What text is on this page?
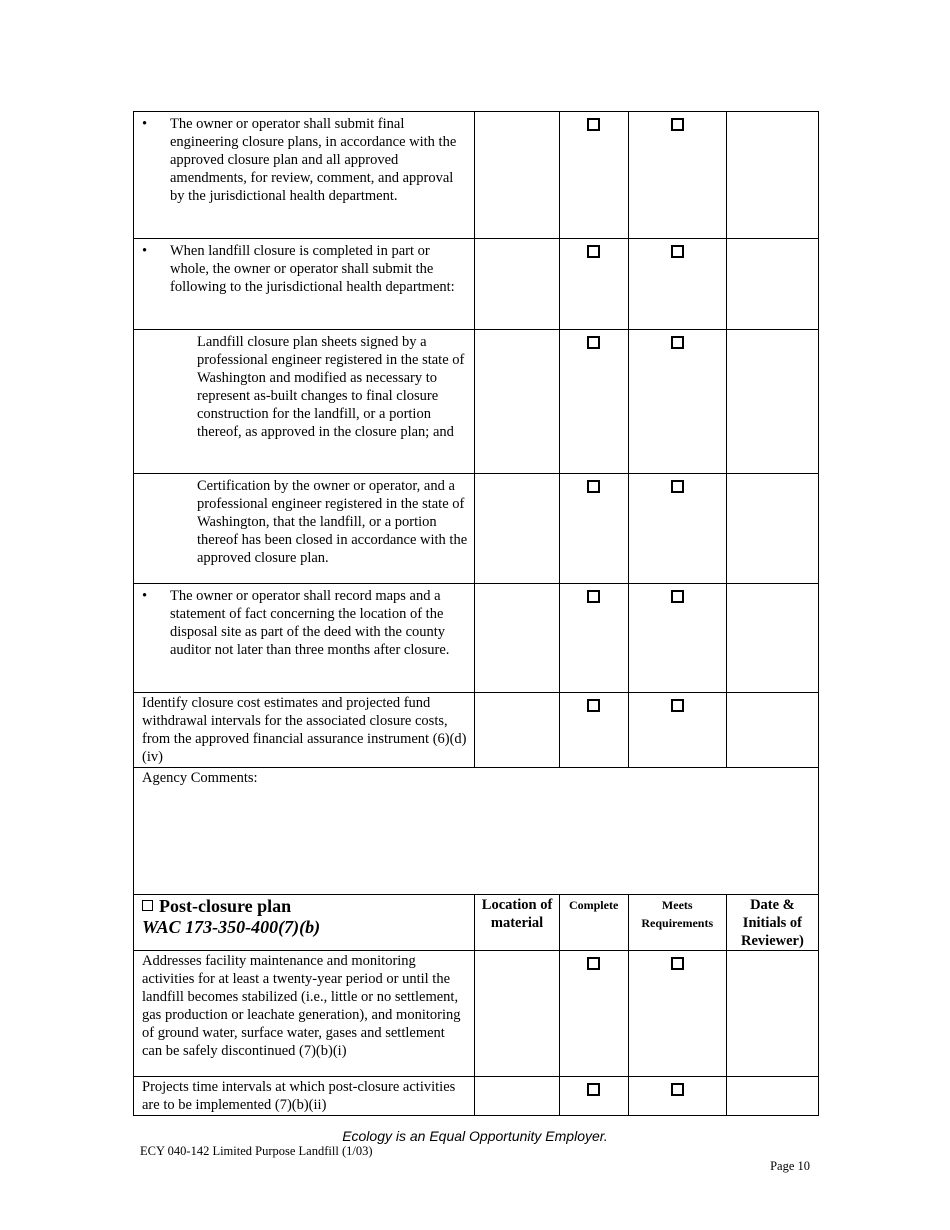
• The owner or operator shall submit final engineering closure plans, in accordance with the approved closure plan and all approved amendments, for review, comment, and approval by the jurisdictional health department.				

• When landfill closure is completed in part or whole, the owner or operator shall submit the following to the jurisdictional health department:				

Landfill closure plan sheets signed by a professional engineer registered in the state of Washington and modified as necessary to represent as-built changes to final closure construction for the landfill, or a portion thereof, as approved in the closure plan; and				

Certification by the owner or operator, and a professional engineer registered in the state of Washington, that the landfill, or a portion thereof has been closed in accordance with the approved closure plan.				

• The owner or operator shall record maps and a statement of fact concerning the location of the disposal site as part of the deed with the county auditor not later than three months after closure.				

Identify closure cost estimates and projected fund withdrawal intervals for the associated closure costs, from the approved financial assurance instrument (6)(d)(iv)				

Agency Comments:				

Post-closure plan
WAC 173-350-400(7)(b)	Location of material	Complete	Meets Requirements	Date & Initials of Reviewer)

Addresses facility maintenance and monitoring activities for at least a twenty-year period or until the landfill becomes stabilized (i.e., little or no settlement, gas production or leachate generation), and monitoring of ground water, surface water, gases and settlement can be safely discontinued (7)(b)(i)				

Projects time intervals at which post-closure activities are to be implemented (7)(b)(ii)				

Ecology is an Equal Opportunity Employer.
ECY 040-142 Limited Purpose Landfill (1/03)
Page 10
